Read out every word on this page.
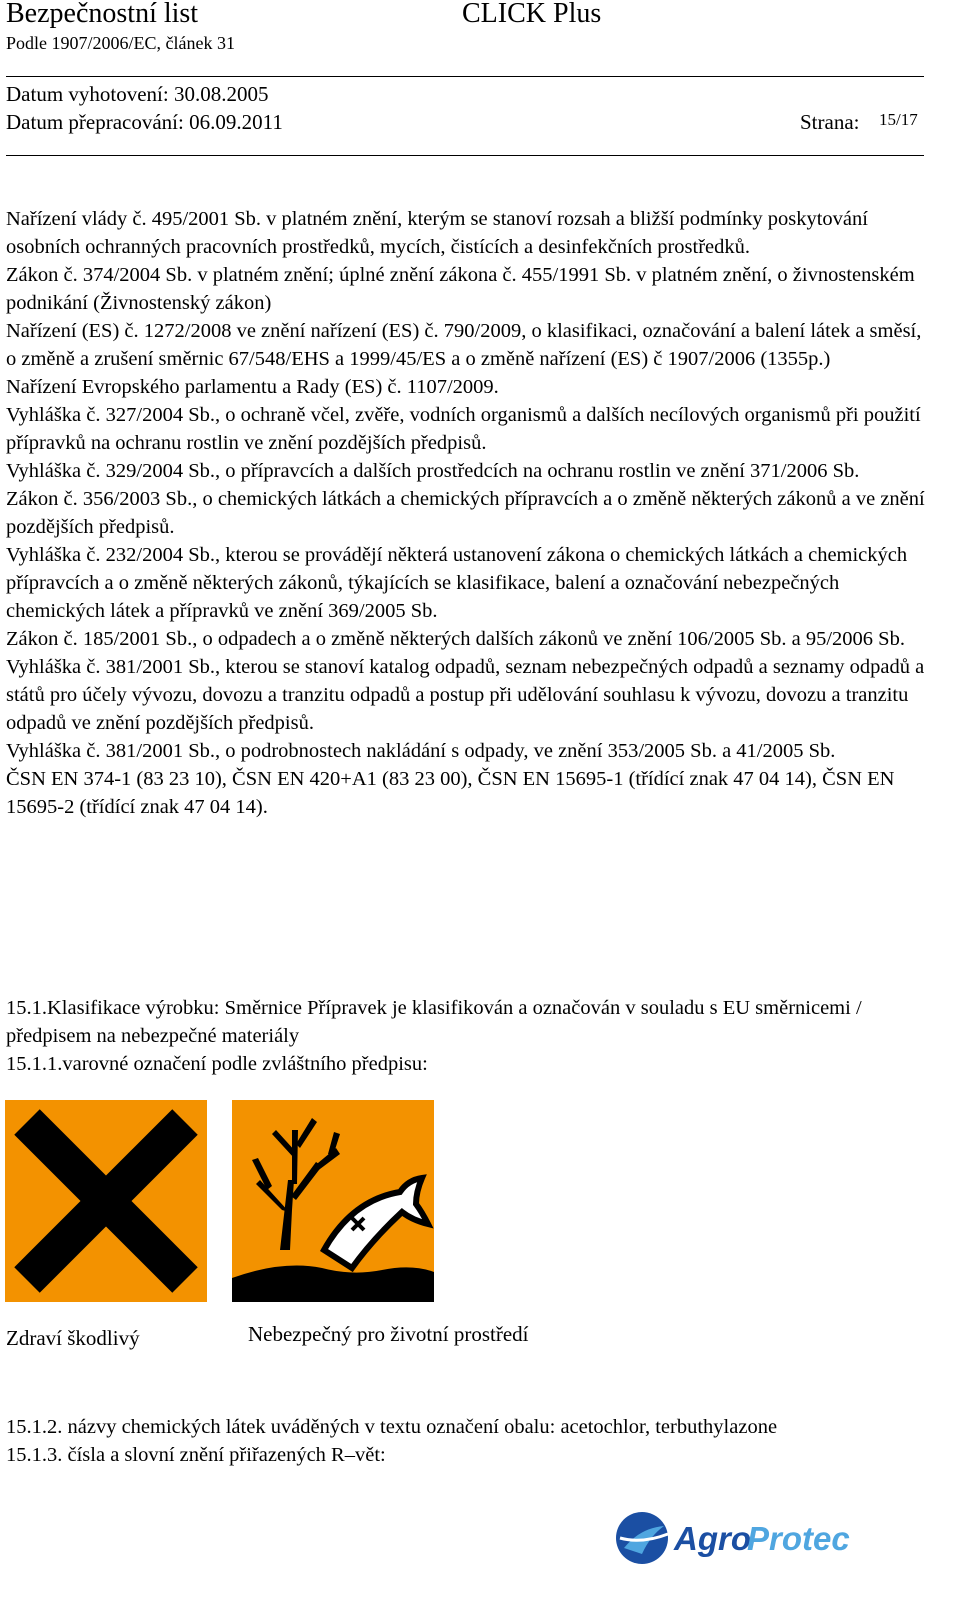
Bezpečnostní list	CLICK Plus
Podle 1907/2006/EC, článek 31
Datum vyhotovení: 30.08.2005
Datum přepracování: 06.09.2011	Strana: 15/17

Nařízení vlády č. 495/2001 Sb. v platném znění, kterým se stanoví rozsah a bližší podmínky poskytování osobních ochranných pracovních prostředků, mycích, čistících a desinfekčních prostředků.

Zákon č. 374/2004 Sb. v platném znění; úplné znění zákona č. 455/1991 Sb. v platném znění, o živnostenském podnikání (Živnostenský zákon)

Nařízení (ES) č. 1272/2008 ve znění nařízení (ES) č. 790/2009, o klasifikaci, označování a balení látek a směsí, o změně a zrušení směrnic 67/548/EHS a 1999/45/ES a o změně nařízení (ES) č 1907/2006 (1355p.)

Nařízení Evropského parlamentu a Rady (ES) č. 1107/2009.

Vyhláška č. 327/2004 Sb., o ochraně včel, zvěře, vodních organismů a dalších necílových organismů při použití přípravků na ochranu rostlin ve znění pozdějších předpisů.

Vyhláška č. 329/2004 Sb., o přípravcích a dalších prostředcích na ochranu rostlin ve znění 371/2006 Sb.

Zákon č. 356/2003 Sb., o chemických látkách a chemických přípravcích a o změně některých zákonů a ve znění pozdějších předpisů.

Vyhláška č. 232/2004 Sb., kterou se provádějí některá ustanovení zákona o chemických látkách a chemických přípravcích a o změně některých zákonů, týkajících se klasifikace, balení a označování nebezpečných chemických látek a přípravků ve znění 369/2005 Sb.

Zákon č. 185/2001 Sb., o odpadech a o změně některých dalších zákonů ve znění 106/2005 Sb. a 95/2006 Sb.

Vyhláška č. 381/2001 Sb., kterou se stanoví katalog odpadů, seznam nebezpečných odpadů a seznamy odpadů a států pro účely vývozu, dovozu a tranzitu odpadů a postup při udělování souhlasu k vývozu, dovozu a tranzitu odpadů ve znění pozdějších předpisů.

Vyhláška č. 381/2001 Sb., o podrobnostech nakládání s odpady, ve znění 353/2005 Sb. a 41/2005 Sb.

ČSN EN 374-1 (83 23 10), ČSN EN 420+A1 (83 23 00), ČSN EN 15695-1 (třídící znak 47 04 14), ČSN EN 15695-2 (třídící znak 47 04 14).

15.1.Klasifikace výrobku: Směrnice Přípravek je klasifikován a označován v souladu s EU směrnicemi / předpisem na nebezpečné materiály

15.1.1.varovné označení podle zvláštního předpisu:

Zdraví škodlivý	Nebezpečný pro životní prostředí
15.1.2. názvy chemických látek uváděných v textu označení obalu: acetochlor, terbuthylazone
15.1.3. čísla a slovní znění přiřazených R–vět:
Agro
Protec
